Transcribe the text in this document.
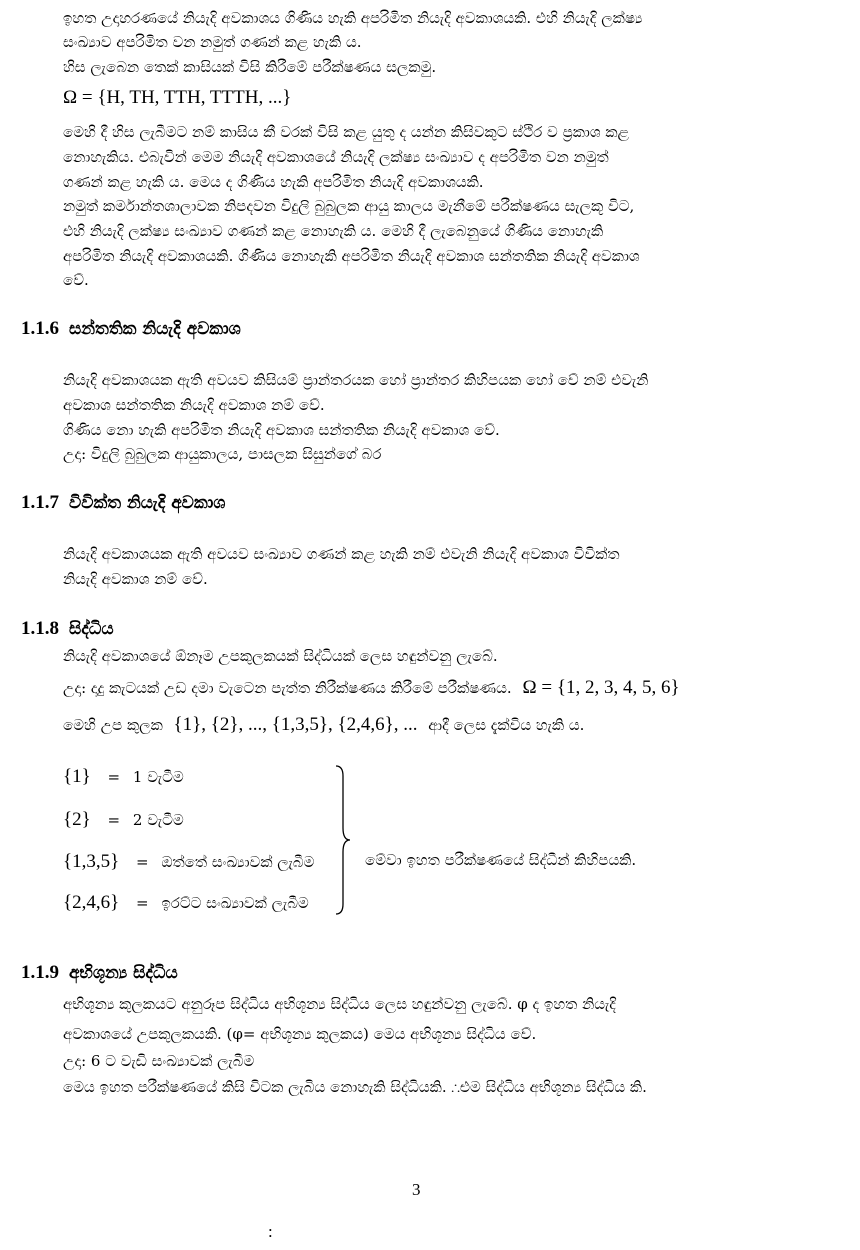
ඉහත උදාහරණයේ නියැදි අවකාශය ගිණිය හැකි අපරිමිත නියැදි අවකාශයකි. එහි නියැදි ලක්ෂ්‍ය
සංඛ්‍යාව අපරිමිත වන නමුත් ගණන් කළ හැකි ය.
හිස ලැබෙන තෙක් කාසියක් විසි කිරීමේ පරීක්ෂණය සලකමු.
Ω = {H, TH, TTH, TTTH, ...}
මෙහි දී හිස ලැබීමට නම් කාසිය කී වරක් විසි කළ යුතු ද යන්න කිසිවකුට ස්ථිර ව ප්‍රකාශ කළ
නොහැකිය. එබැවින් මෙම නියැදි අවකාශයේ නියැදි ලක්ෂ්‍ය සංඛ්‍යාව ද අපරිමිත වන නමුත්
ගණන් කළ හැකි ය. මෙය ද ගිණිය හැකි අපරිමිත නියැදි අවකාශයකි.
නමුත් කර්මාන්තශාලාවක නිපදවන විදුලි බුබුලක ආයු කාලය මැනීමේ පරීක්ෂණය සැලකූ විට,
එහි නියැදි ලක්ෂ්‍ය සංඛ්‍යාව ගණන් කළ නොහැකි ය. මෙහි දී ලැබෙනුයේ ගිණිය නොහැකි
අපරිමිත නියැදි අවකාශයකි. ගිණිය නොහැකි අපරිමිත නියැදි අවකාශ සන්තතික නියැදි අවකාශ
වේ.
1.1.6 සන්තතික නියැදි අවකාශ
නියැදි අවකාශයක ඇති අවයව කිසියම් ප්‍රාන්තරයක හෝ ප්‍රාන්තර කිහිපයක හෝ වේ නම් එවැනි
අවකාශ සන්තතික නියැදි අවකාශ නම් වේ.
ගිණිය නො හැකි අපරිමිත නියැදි අවකාශ සන්තතික නියැදි අවකාශ වේ.
උදා: විදුලි බුබුලක ආයුකාලය, පාසලක සිසුන්ගේ බර
1.1.7 විවික්ත නියැදි අවකාශ
නියැදි අවකාශයක ඇති අවයව සංඛ්‍යාව ගණන් කළ හැකි නම් එවැනි නියැදි අවකාශ විවික්ත
නියැදි අවකාශ නම් වේ.
1.1.8 සිද්ධිය
නියැදි අවකාශයේ ඕනෑම උපකුලකයක් සිද්ධියක් ලෙස හඳුන්වනු ලැබේ.
උදා: දාදු කැටයක් උඩ දමා වැටෙන පැත්ත නිරීක්ෂණය කිරීමේ පරීක්ෂණය. Ω = {1, 2, 3, 4, 5, 6}
මෙහි උප කුලක {1}, {2}, ..., {1,3,5}, {2,4,6}, ... ආදී ලෙස දැක්විය හැකි ය.
{1} = 1 වැටීම
{2} = 2 වැටීම
{1,3,5} = ඔත්තේ සංඛ්‍යාවක් ලැබීම
{2,4,6} = ඉරට්ට සංඛ්‍යාවක් ලැබීම
මේවා ඉහත පරීක්ෂණයේ සිද්ධීන් කිහිපයකි.
1.1.9 අභිශූන්‍ය සිද්ධිය
අභිශූන්‍ය කුලකයට අනුරූප සිද්ධිය අභිශූන්‍ය සිද්ධිය ලෙස හඳුන්වනු ලැබේ. φ ද ඉහත නියැදි
අවකාශයේ උපකුලකයකි. (φ= අභිශූන්‍ය කුලකය) මෙය අභිශූන්‍ය සිද්ධිය වේ.
උදා: 6 ට වැඩි සංඛ්‍යාවක් ලැබීම
මෙය ඉහත පරීක්ෂණයේ කිසි විටක ලැබිය නොහැකි සිද්ධියකි. ∴එම සිද්ධිය අභිශූන්‍ය සිද්ධිය කි.
3
:
